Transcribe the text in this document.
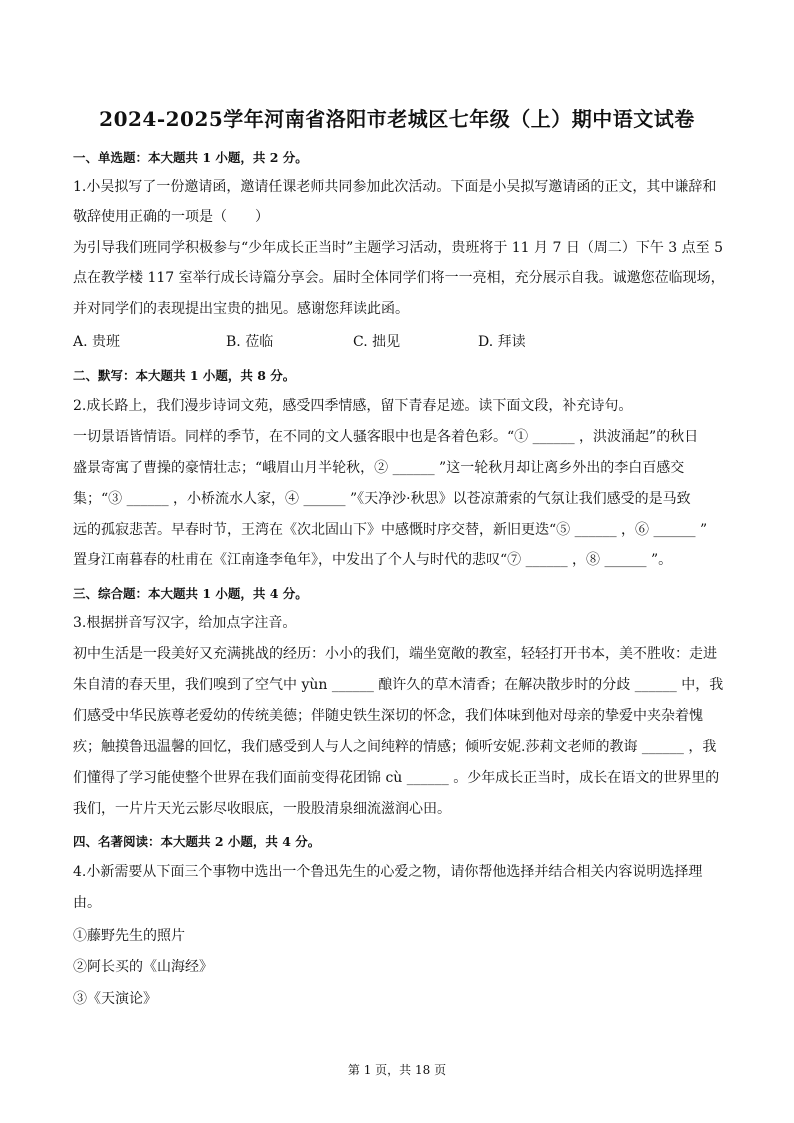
2024-2025学年河南省洛阳市老城区七年级（上）期中语文试卷
一、单选题：本大题共 1 小题，共 2 分。
1.小吴拟写了一份邀请函，邀请任课老师共同参加此次活动。下面是小吴拟写邀请函的正文，其中谦辞和
敬辞使用正确的一项是（　　）
为引导我们班同学积极参与“少年成长正当时”主题学习活动，贵班将于 11 月 7 日（周二）下午 3 点至 5
点在教学楼 117 室举行成长诗篇分享会。届时全体同学们将一一亮相，充分展示自我。诚邀您莅临现场，
并对同学们的表现提出宝贵的拙见。感谢您拜读此函。
A. 贵班	B. 莅临	C. 拙见	D. 拜读
二、默写：本大题共 1 小题，共 8 分。
2.成长路上，我们漫步诗词文苑，感受四季情感，留下青春足迹。读下面文段，补充诗句。
一切景语皆情语。同样的季节，在不同的文人骚客眼中也是各着色彩。“① ______ ，洪波涌起”的秋日
盛景寄寓了曹操的豪情壮志；“峨眉山月半轮秋，② ______ ”这一轮秋月却让离乡外出的李白百感交
集；“③ ______ ，小桥流水人家，④ ______ ”《天净沙·秋思》以苍凉萧索的气氛让我们感受的是马致
远的孤寂悲苦。早春时节，王湾在《次北固山下》中感慨时序交替，新旧更迭“⑤ ______ ，⑥ ______ ”
置身江南暮春的杜甫在《江南逢李龟年》，中发出了个人与时代的悲叹“⑦ ______ ，⑧ ______ ”。
三、综合题：本大题共 1 小题，共 4 分。
3.根据拼音写汉字，给加点字注音。
初中生活是一段美好又充满挑战的经历：小小的我们，端坐宽敞的教室，轻轻打开书本，美不胜收：走进
朱自清的春天里，我们嗅到了空气中 yùn ______ 酿许久的草木清香；在解决散步时的分歧 ______ 中，我
们感受中华民族尊老爱幼的传统美德；伴随史铁生深切的怀念，我们体味到他对母亲的挚爱中夹杂着愧
疚；触摸鲁迅温馨的回忆，我们感受到人与人之间纯粹的情感；倾听安妮.莎莉文老师的教诲 ______ ，我
们懂得了学习能使整个世界在我们面前变得花团锦 cù ______ 。少年成长正当时，成长在语文的世界里的
我们，一片片天光云影尽收眼底，一股股清泉细流滋润心田。
四、名著阅读：本大题共 2 小题，共 4 分。
4.小新需要从下面三个事物中选出一个鲁迅先生的心爱之物，请你帮他选择并结合相关内容说明选择理
由。
①藤野先生的照片
②阿长买的《山海经》
③《天演论》
第 1 页，共 18 页
